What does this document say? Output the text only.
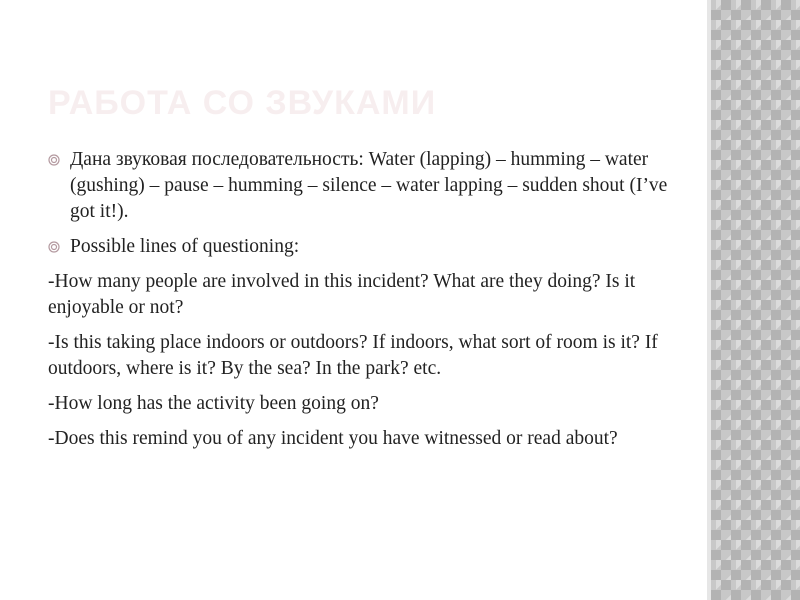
РАБОТА СО ЗВУКАМИ
Дана звуковая последовательность: Water (lapping) – humming – water (gushing) – pause – humming – silence – water lapping – sudden shout (I’ve got it!).
Possible lines of questioning:
-How many people are involved in this incident? What are they doing? Is it enjoyable or not?
-Is this taking place indoors or outdoors? If indoors, what sort of room is it? If outdoors, where is it? By the sea? In the park? etc.
-How long has the activity been going on?
-Does this remind you of any incident you have witnessed or read about?
